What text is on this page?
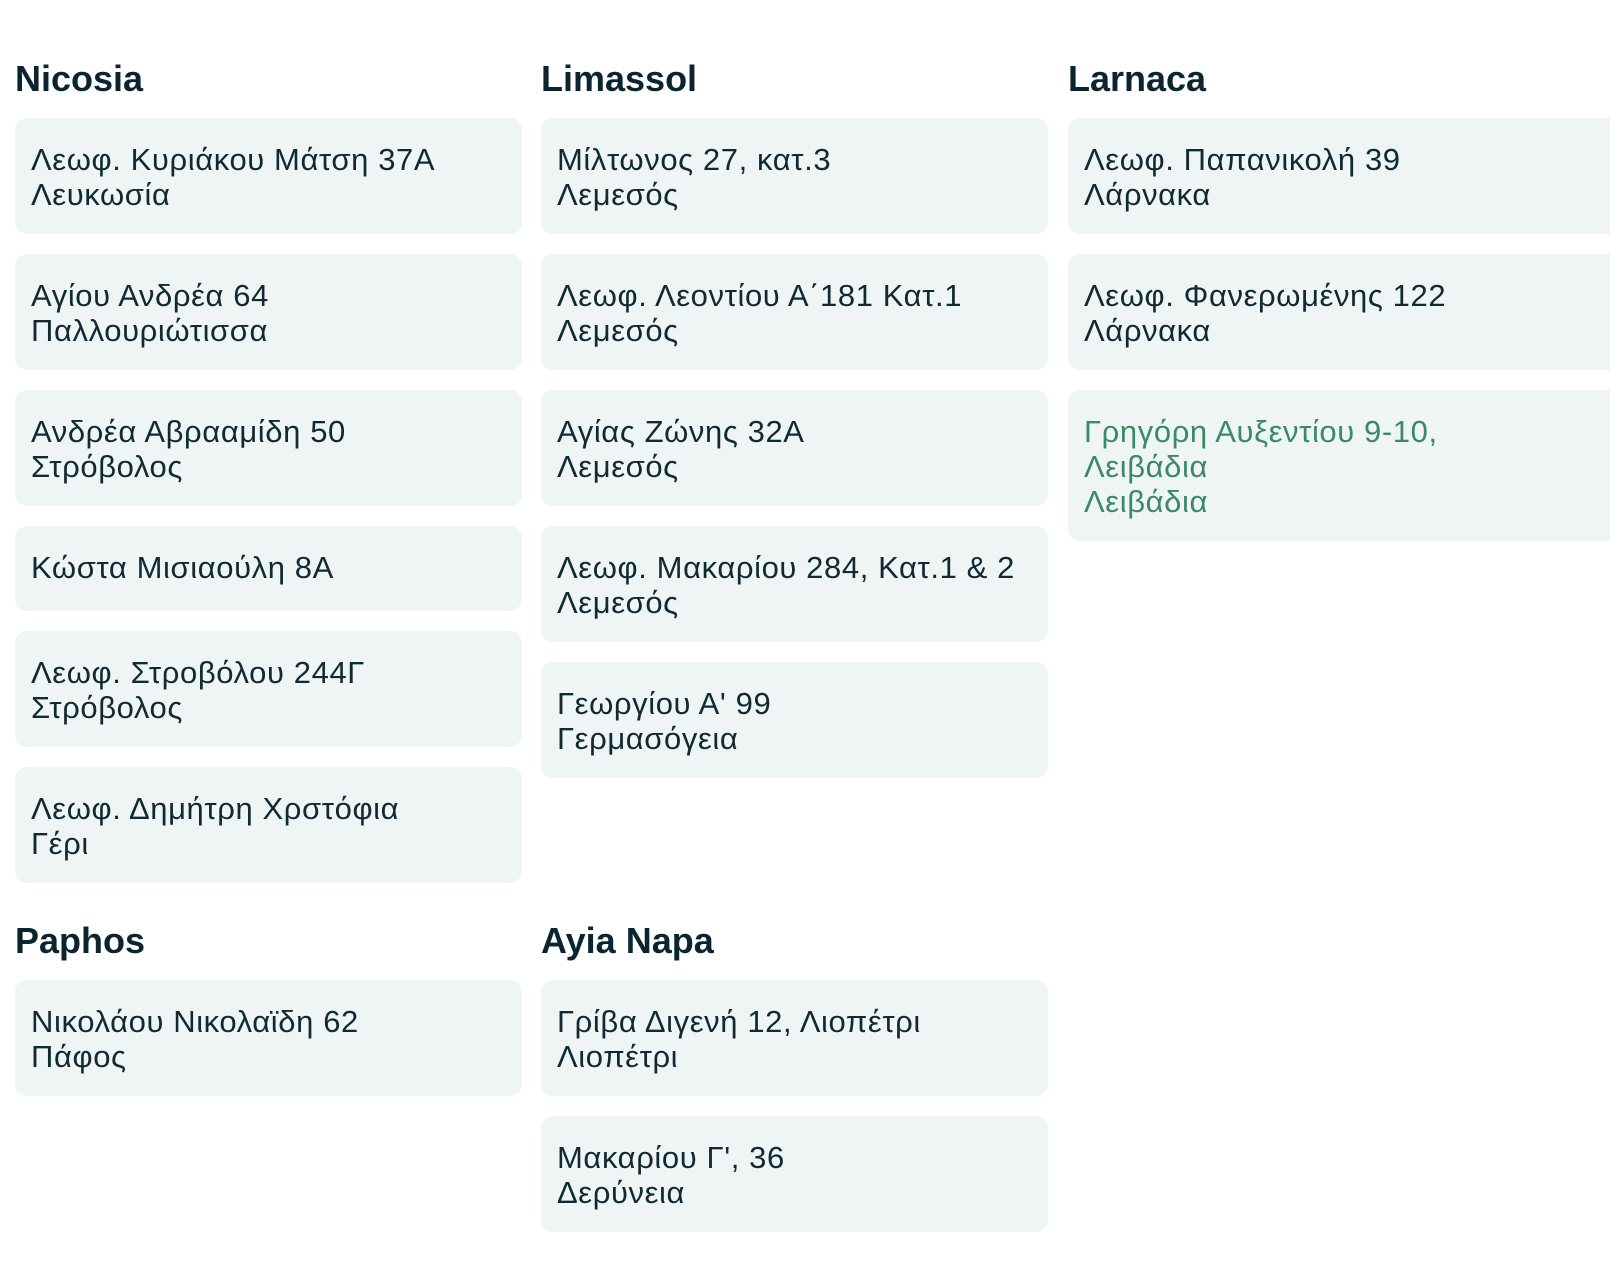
Nicosia
Λεωφ. Κυριάκου Μάτση 37Α
Λευκωσία
Αγίου Ανδρέα 64
Παλλουριώτισσα
Ανδρέα Αβρααμίδη 50
Στρόβολος
Κώστα Μισιαούλη 8Α
Λεωφ. Στροβόλου 244Γ
Στρόβολος
Λεωφ. Δημήτρη Χρστόφια
Γέρι
Limassol
Μίλτωνος 27, κατ.3
Λεμεσός
Λεωφ. Λεοντίου Α΄181 Κατ.1
Λεμεσός
Αγίας Ζώνης 32Α
Λεμεσός
Λεωφ. Μακαρίου 284, Κατ.1 & 2
Λεμεσός
Γεωργίου Α' 99
Γερμασόγεια
Larnaca
Λεωφ. Παπανικολή 39
Λάρνακα
Λεωφ. Φανερωμένης 122
Λάρνακα
Γρηγόρη Αυξεντίου 9-10,
Λειβάδια
Λειβάδια
Paphos
Νικολάου Νικολαϊδη 62
Πάφος
Ayia Napa
Γρίβα Διγενή 12, Λιοπέτρι
Λιοπέτρι
Μακαρίου Γ', 36
Δερύνεια
